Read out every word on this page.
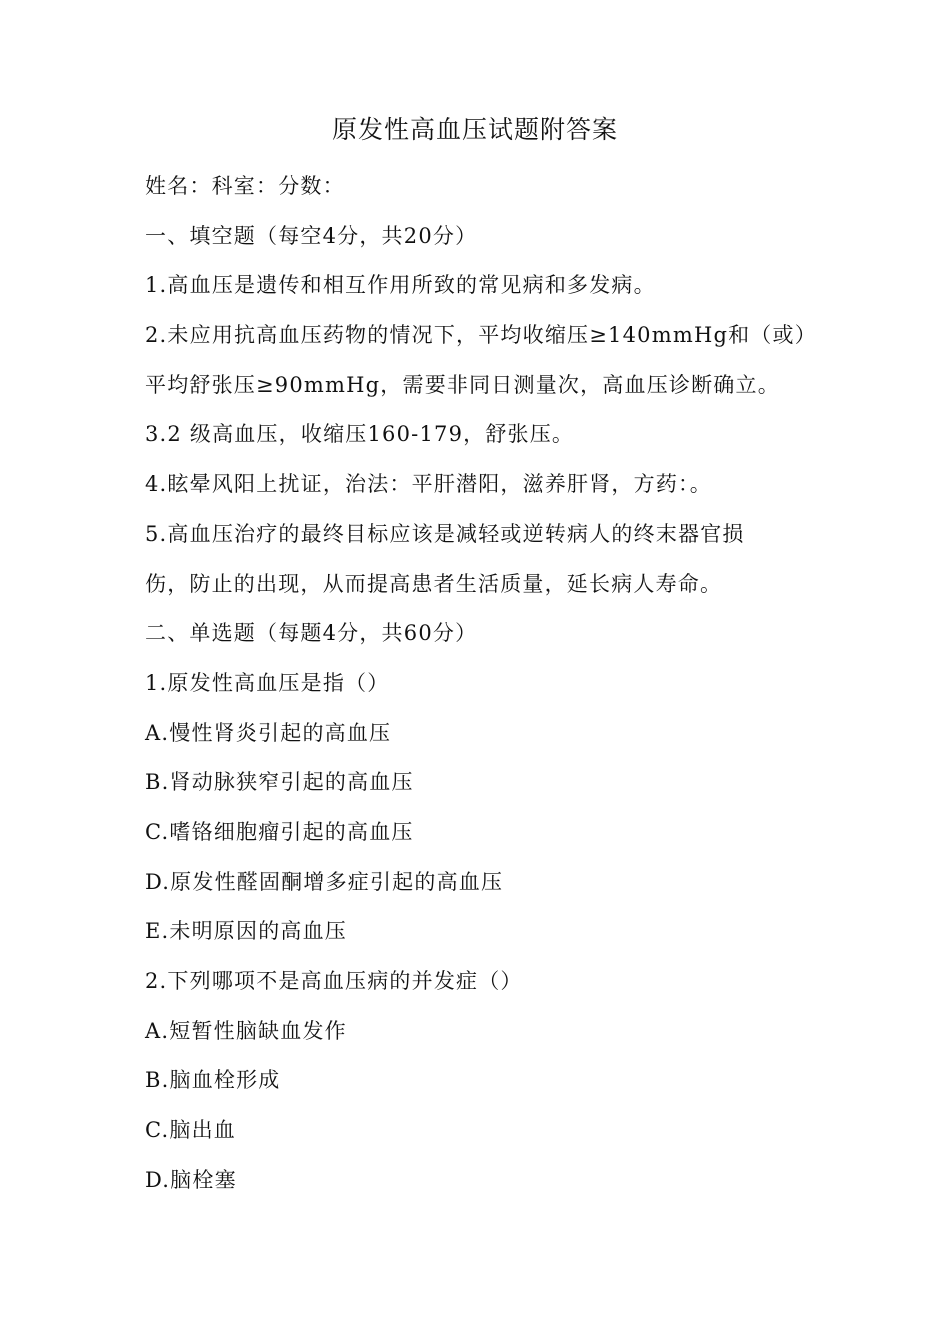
原发性高血压试题附答案
姓名：科室：分数：
一、填空题（每空4分，共20分）
1.高血压是遗传和相互作用所致的常见病和多发病。
2.未应用抗高血压药物的情况下，平均收缩压≥140mmHg和（或）
平均舒张压≥90mmHg，需要非同日测量次，高血压诊断确立。
3.2 级高血压，收缩压160-179，舒张压。
4.眩晕风阳上扰证，治法：平肝潜阳，滋养肝肾，方药：。
5.高血压治疗的最终目标应该是减轻或逆转病人的终末器官损
伤，防止的出现，从而提高患者生活质量，延长病人寿命。
二、单选题（每题4分，共60分）
1.原发性高血压是指（）
A.慢性肾炎引起的高血压
B.肾动脉狭窄引起的高血压
C.嗜铬细胞瘤引起的高血压
D.原发性醛固酮增多症引起的高血压
E.未明原因的高血压
2.下列哪项不是高血压病的并发症（）
A.短暂性脑缺血发作
B.脑血栓形成
C.脑出血
D.脑栓塞
